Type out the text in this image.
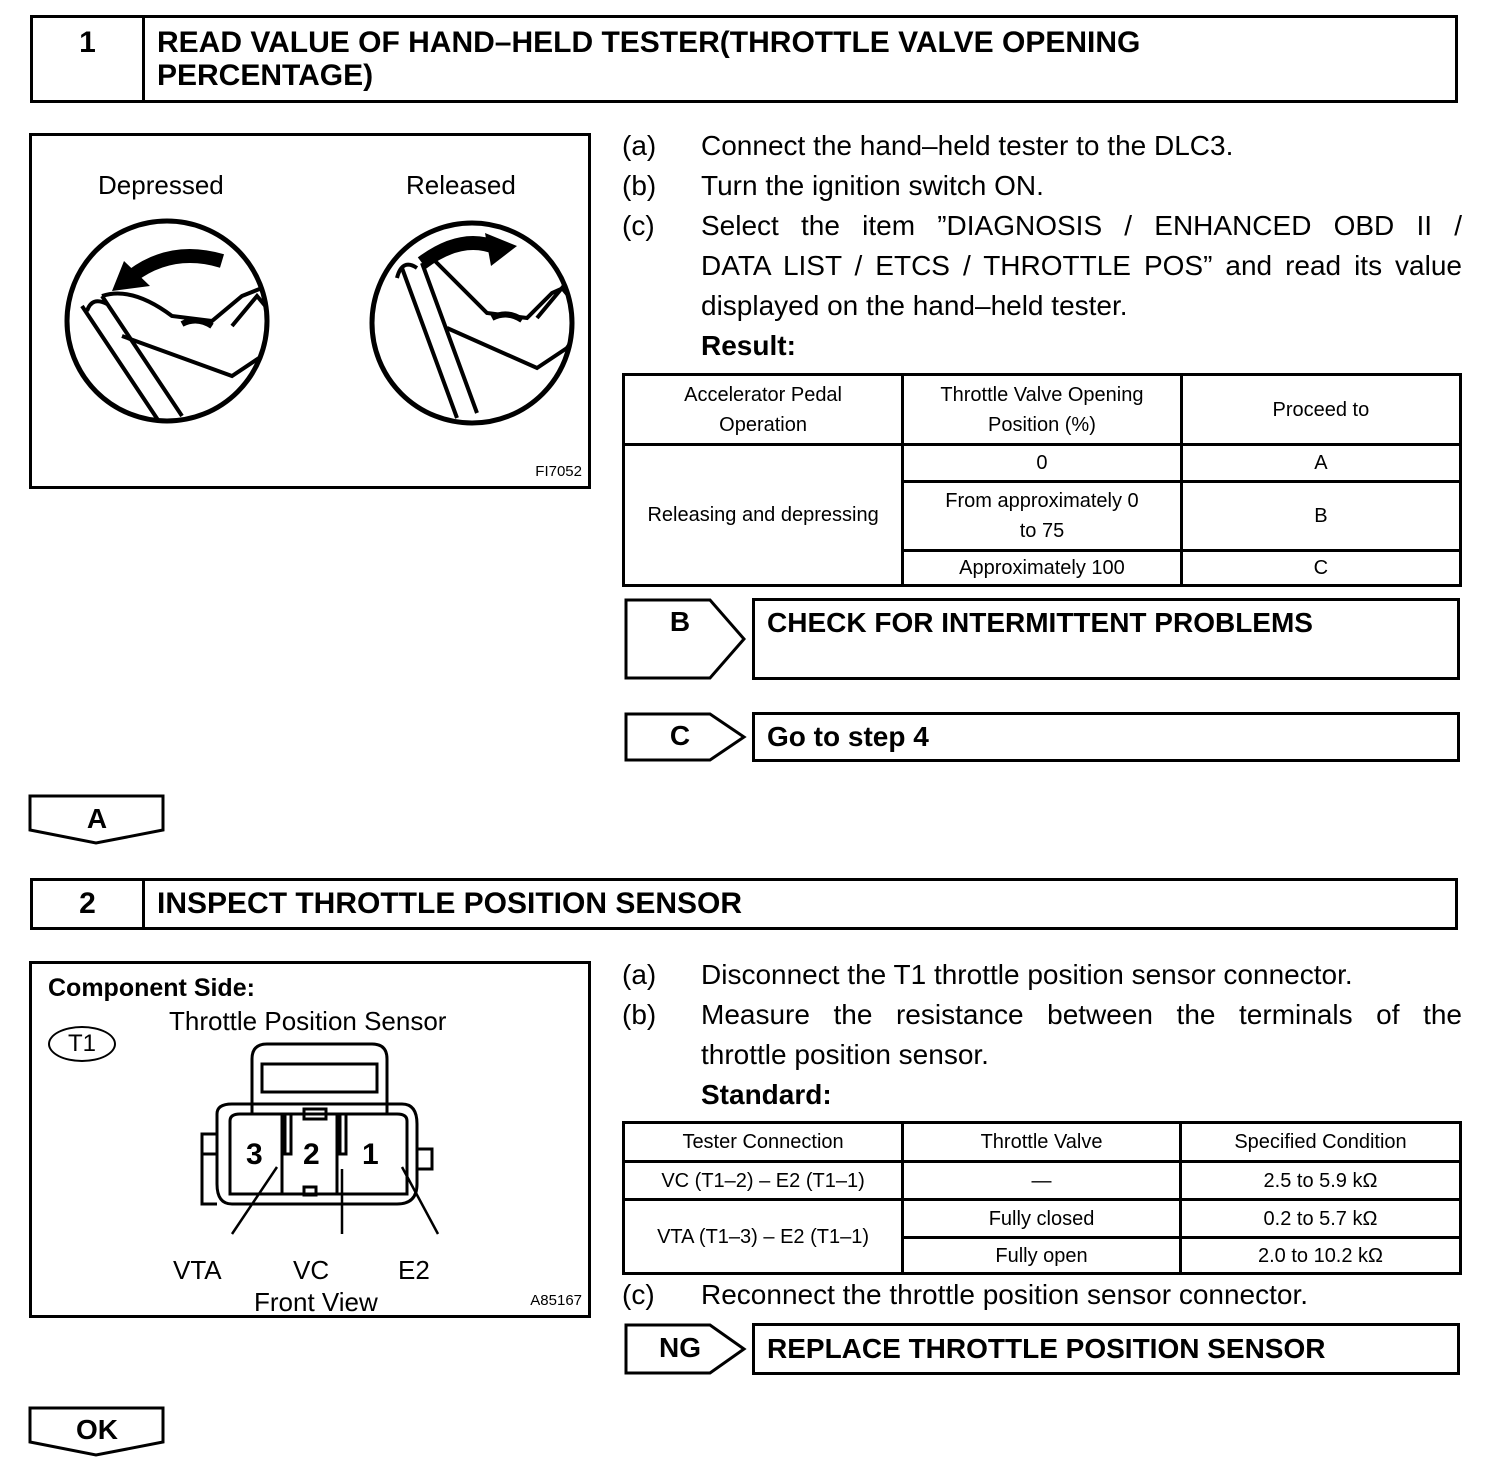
1	READ VALUE OF HAND–HELD TESTER(THROTTLE VALVE OPENING
PERCENTAGE)
Depressed	Released
FI7052
(a) Connect the hand–held tester to the DLC3.
(b) Turn the ignition switch ON.
(c) Select the item ”DIAGNOSIS / ENHANCED OBD II /
DATA LIST / ETCS / THROTTLE POS” and read its value
displayed on the hand–held tester.
Result:
Accelerator Pedal Operation	Throttle Valve Opening Position (%)	Proceed to
Releasing and depressing	0	A

	From approximately 0 to 75	B
	Approximately 100	C
B	CHECK FOR INTERMITTENT PROBLEMS
C	Go to step 4
A
2	INSPECT THROTTLE POSITION SENSOR
Component Side:
T1
Throttle Position Sensor
3 2 1
VTA	VC	E2
Front View	A85167
(a) Disconnect the T1 throttle position sensor connector.
(b) Measure the resistance between the terminals of the
throttle position sensor.
Standard:
Tester Connection	Throttle Valve	Specified Condition
VC (T1–2) – E2 (T1–1)	—	2.5 to 5.9 kΩ
VTA (T1–3) – E2 (T1–1)	Fully closed	0.2 to 5.7 kΩ
	Fully open	2.0 to 10.2 kΩ
(c) Reconnect the throttle position sensor connector.
NG	REPLACE THROTTLE POSITION SENSOR
OK
